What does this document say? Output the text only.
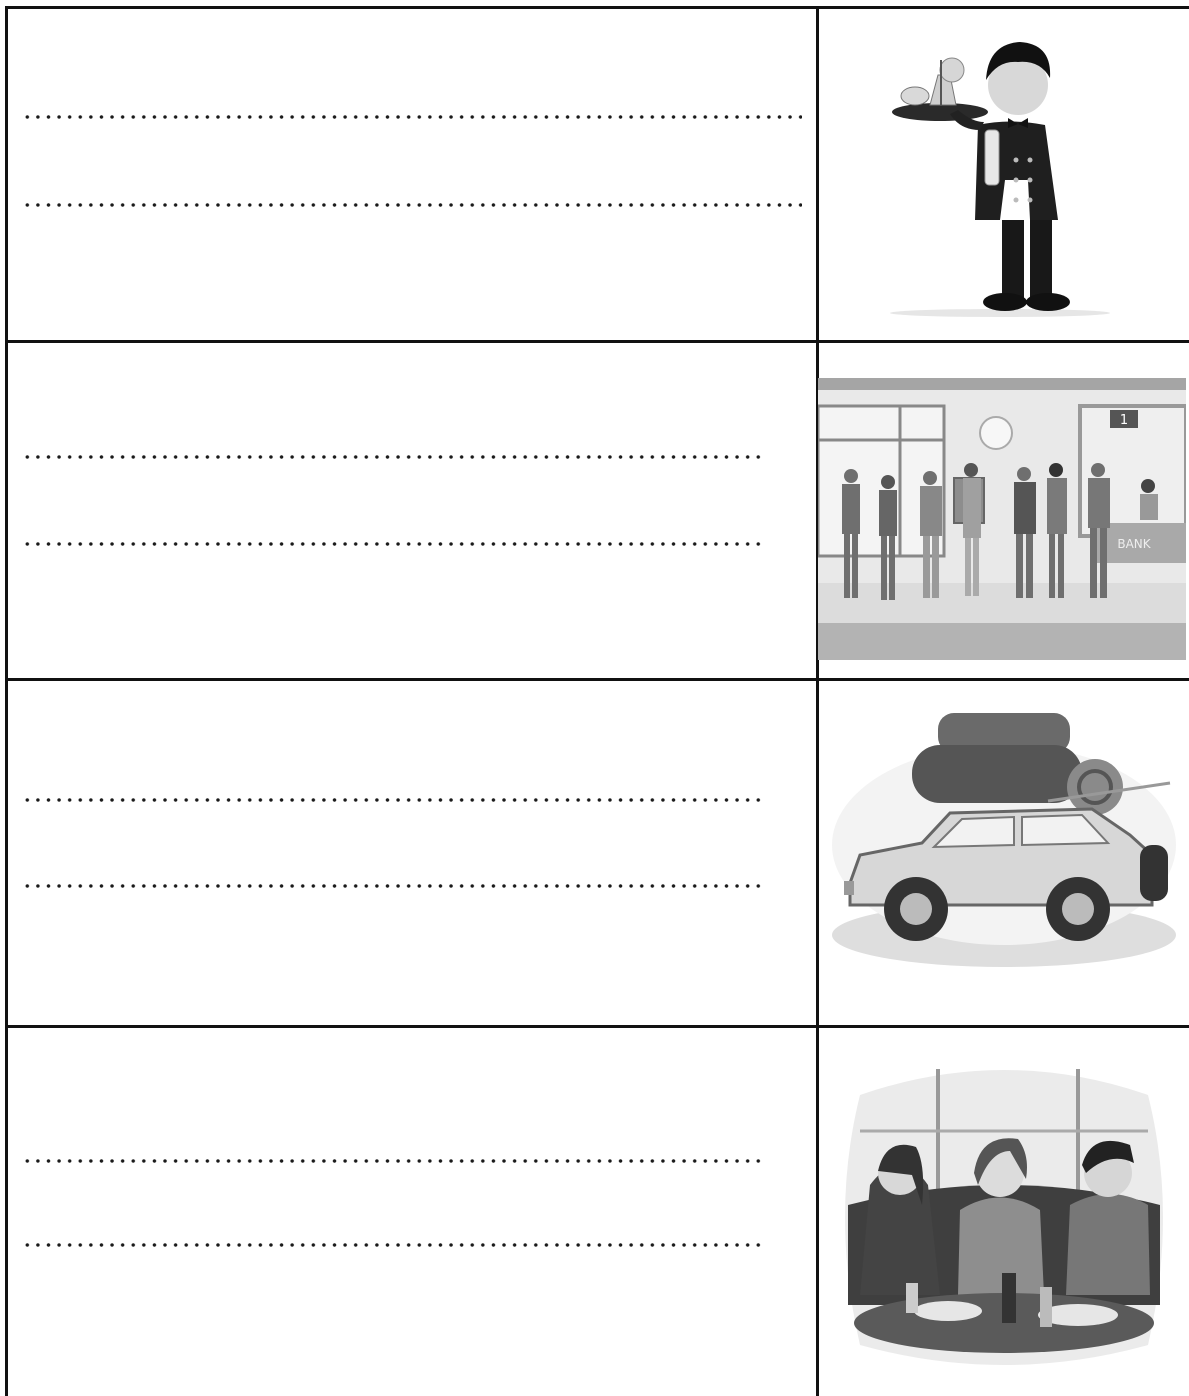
1
BANK
